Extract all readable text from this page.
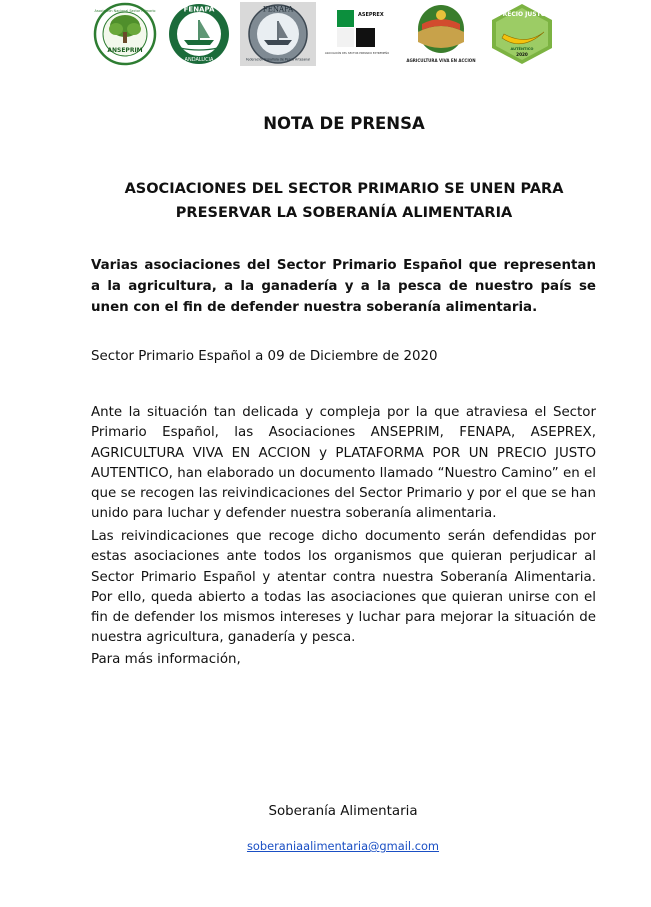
Asociación Nacional Sector Primario
ANSEPRIM
FENAPA
ANDALUCIA
FENAPA
Federación Española de Pesca Artesanal
ASEPREX
ASOCIACIÓN DEL SECTOR PRIMARIO EXTREMEÑO
AGRICULTURA VIVA EN ACCION
PRECIO JUSTO
AUTÉNTICO
2020
NOTA DE PRENSA
ASOCIACIONES DEL SECTOR PRIMARIO SE UNEN PARA
PRESERVAR LA SOBERANÍA ALIMENTARIA
Varias asociaciones del Sector Primario Español que representan a la agricultura, a la ganadería y a la pesca de nuestro país se unen con el fin de defender nuestra soberanía alimentaria.
Sector Primario Español a 09 de Diciembre de 2020
Ante la situación tan delicada y compleja por la que atraviesa el Sector Primario Español, las Asociaciones ANSEPRIM, FENAPA, ASEPREX, AGRICULTURA VIVA EN ACCION y PLATAFORMA POR UN PRECIO JUSTO AUTENTICO, han elaborado un documento llamado “Nuestro Camino” en el que se recogen las reivindicaciones del Sector Primario y por el que se han unido para luchar y defender nuestra soberanía alimentaria.
Las reivindicaciones que recoge dicho documento serán defendidas por estas asociaciones ante todos los organismos que quieran perjudicar al Sector Primario Español y atentar contra nuestra Soberanía Alimentaria. Por ello, queda abierto a todas las asociaciones que quieran unirse con el fin de defender los mismos intereses y luchar para mejorar la situación de nuestra agricultura, ganadería y pesca.
Para más información,
Soberanía Alimentaria
soberaniaalimentaria@gmail.com
